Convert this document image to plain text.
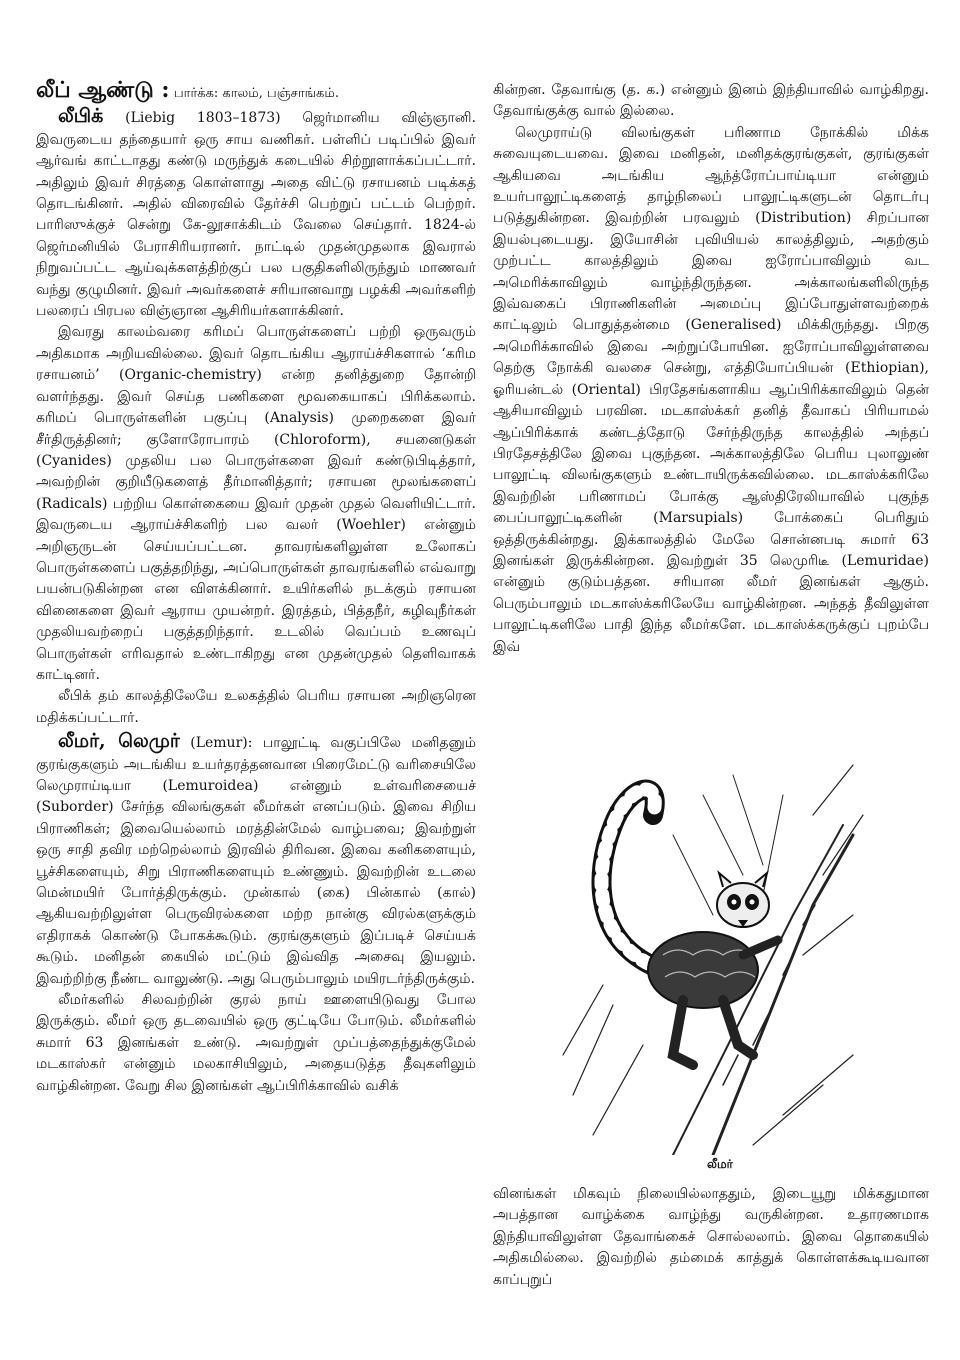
லீப் ஆண்டு : பார்க்க: காலம், பஞ்சாங்கம்.

லீபிக் (Liebig 1803–1873) ஜெர்மானிய விஞ்ஞானி. இவருடைய தந்தையார் ஒரு சாய வணிகர். பள்ளிப் படிப்பில் இவர் ஆர்வங் காட்டாதது கண்டு மருந்துக் கடையில் சிற்றூளாக்கப்பட்டார். அதிலும் இவர் சிரத்தை கொள்ளாது அதை விட்டு ரசாயனம் படிக்கத் தொடங்கினர். அதில் விரைவில் தேர்ச்சி பெற்றுப் பட்டம் பெற்றர். பாரிஸுக்குச் சென்று கே-லூசாக்கிடம் வேலை செய்தார். 1824-ல் ஜெர்மனியில் பேராசிரியரானர். நாட்டில் முதன்முதலாக இவரால் நிறுவப்பட்ட ஆய்வுக்களத்திற்குப் பல பகுதிகளிலிருந்தும் மாணவர் வந்து குழுமினர். இவர் அவர்களைச் சரியானவாறு பழக்கி அவர்களிற் பலரைப் பிரபல விஞ்ஞான ஆசிரியர்களாக்கினர்.

இவரது காலம்வரை கரிமப் பொருள்களைப் பற்றி ஒருவரும் அதிகமாக அறியவில்லை. இவர் தொடங்கிய ஆராய்ச்சிகளால் ‘கரிம ரசாயனம்’ (Organic-chemistry) என்ற தனித்துறை தோன்றி வளர்ந்தது. இவர் செய்த பணிகளை மூவகையாகப் பிரிக்கலாம். கரிமப் பொருள்களின் பகுப்பு (Analysis) முறைகளை இவர் சீர்திருத்தினர்; குளோரோபாரம் (Chloroform), சயனைடுகள் (Cyanides) முதலிய பல பொருள்களை இவர் கண்டுபிடித்தார், அவற்றின் குறியீடுகளைத் தீர்மானித்தார்; ரசாயன மூலங்களைப் (Radicals) பற்றிய கொள்கையை இவர் முதன் முதல் வெளியிட்டார். இவருடைய ஆராய்ச்சிகளிற் பல வலர் (Woehler) என்னும் அறிஞருடன் செய்யப்பட்டன. தாவரங்களிலுள்ள உலோகப் பொருள்களைப் பகுத்தறிந்து, அப்பொருள்கள் தாவரங்களில் எவ்வாறு பயன்படுகின்றன என விளக்கினார். உயிர்களில் நடக்கும் ரசாயன வினைகளை இவர் ஆராய முயன்றர். இரத்தம், பித்தநீர், கழிவுநீர்கள் முதலியவற்றைப் பகுத்தறிந்தார். உடலில் வெப்பம் உணவுப் பொருள்கள் எரிவதால் உண்டாகிறது என முதன்முதல் தெளிவாகக் காட்டினர்.

லீபிக் தம் காலத்திலேயே உலகத்தில் பெரிய ரசாயன அறிஞரென மதிக்கப்பட்டார்.

லீமர், லெமுர் (Lemur): பாலூட்டி வகுப்பிலே மனிதனும் குரங்குகளும் அடங்கிய உயர்தரத்தனவான பிரைமேட்டு வரிசையிலே லெமுராய்டியா (Lemuroidea) என்னும் உள்வரிசையைச் (Suborder) சேர்ந்த விலங்குகள் லீமர்கள் எனப்படும். இவை சிறிய பிராணிகள்; இவையெல்லாம் மரத்தின்மேல் வாழ்பவை; இவற்றுள் ஒரு சாதி தவிர மற்றெல்லாம் இரவில் திரிவன. இவை கனிகளையும், பூச்சிகளையும், சிறு பிராணிகளையும் உண்ணும். இவற்றின் உடலை மென்மயிர் போர்த்திருக்கும். முன்கால் (கை) பின்கால் (கால்) ஆகியவற்றிலுள்ள பெருவிரல்களை மற்ற நான்கு விரல்களுக்கும் எதிராகக் கொண்டு போகக்கூடும். குரங்குகளும் இப்படிச் செய்யக் கூடும். மனிதன் கையில் மட்டும் இவ்வித அசைவு இயலும். இவற்றிற்கு நீண்ட வாலுண்டு. அது பெரும்பாலும் மயிரடர்ந்திருக்கும்.

லீமர்களில் சிலவற்றின் குரல் நாய் ஊளையிடுவது போல இருக்கும். லீமர் ஒரு தடவையில் ஒரு குட்டியே போடும். லீமர்களில் சுமார் 63 இனங்கள் உண்டு. அவற்றுள் முப்பத்தைந்துக்குமேல் மடகாஸ்கர் என்னும் மலகாசியிலும், அதையடுத்த தீவுகளிலும் வாழ்கின்றன. வேறு சில இனங்கள் ஆப்பிரிக்காவில் வசிக்

கின்றன. தேவாங்கு (த. க.) என்னும் இனம் இந்தியாவில் வாழ்கிறது. தேவாங்குக்கு வால் இல்லை.

லெமுராய்டு விலங்குகள் பரிணாம நோக்கில் மிக்க சுவையுடையவை. இவை மனிதன், மனிதக்குரங்குகள், குரங்குகள் ஆகியவை அடங்கிய ஆந்த்ரோப்பாய்டியா என்னும் உயர்பாலூட்டிகளைத் தாழ்நிலைப் பாலூட்டிகளுடன் தொடர்பு படுத்துகின்றன. இவற்றின் பரவலும் (Distribution) சிறப்பான இயல்புடையது. இயோசின் புவியியல் காலத்திலும், அதற்கும் முற்பட்ட காலத்திலும் இவை ஐரோப்பாவிலும் வட அமெரிக்காவிலும் வாழ்ந்திருந்தன. அக்காலங்களிலிருந்த இவ்வகைப் பிராணிகளின் அமைப்பு இப்போதுள்ளவற்றைக் காட்டிலும் பொதுத்தன்மை (Generalised) மிக்கிருந்தது. பிறகு அமெரிக்காவில் இவை அற்றுப்போயின. ஐரோப்பாவிலுள்ளவை தெற்கு நோக்கி வலசை சென்று, எத்தியோப்பியன் (Ethiopian), ஓரியன்டல் (Oriental) பிரதேசங்களாகிய ஆப்பிரிக்காவிலும் தென் ஆசியாவிலும் பரவின. மடகாஸ்க்கர் தனித் தீவாகப் பிரியாமல் ஆப்பிரிக்காக் கண்டத்தோடு சேர்ந்திருந்த காலத்தில் அந்தப் பிரதேசத்திலே இவை புகுந்தன. அக்காலத்திலே பெரிய புலாலுண் பாலூட்டி விலங்குகளும் உண்டாயிருக்கவில்லை. மடகாஸ்க்கரிலே இவற்றின் பரிணாமப் போக்கு ஆஸ்திரேலியாவில் புகுந்த பைப்பாலூட்டிகளின் (Marsupials) போக்கைப் பெரிதும் ஒத்திருக்கின்றது. இக்காலத்தில் மேலே சொன்னபடி சுமார் 63 இனங்கள் இருக்கின்றன. இவற்றுள் 35 லெமுரிடீ (Lemuridae) என்னும் குடும்பத்தன. சரியான லீமர் இனங்கள் ஆகும். பெரும்பாலும் மடகாஸ்க்கரிலேயே வாழ்கின்றன. அந்தத் தீவிலுள்ள பாலூட்டிகளிலே பாதி இந்த லீமர்களே. மடகாஸ்க்கருக்குப் புறம்பே இவ்

லீமர்

வினங்கள் மிகவும் நிலையில்லாததும், இடையூறு மிக்கதுமான அபத்தான வாழ்க்கை வாழ்ந்து வருகின்றன. உதாரணமாக இந்தியாவிலுள்ள தேவாங்கைச் சொல்லலாம். இவை தொகையில் அதிகமில்லை. இவற்றில் தம்மைக் காத்துக் கொள்ளக்கூடியவான காப்புறுப்
